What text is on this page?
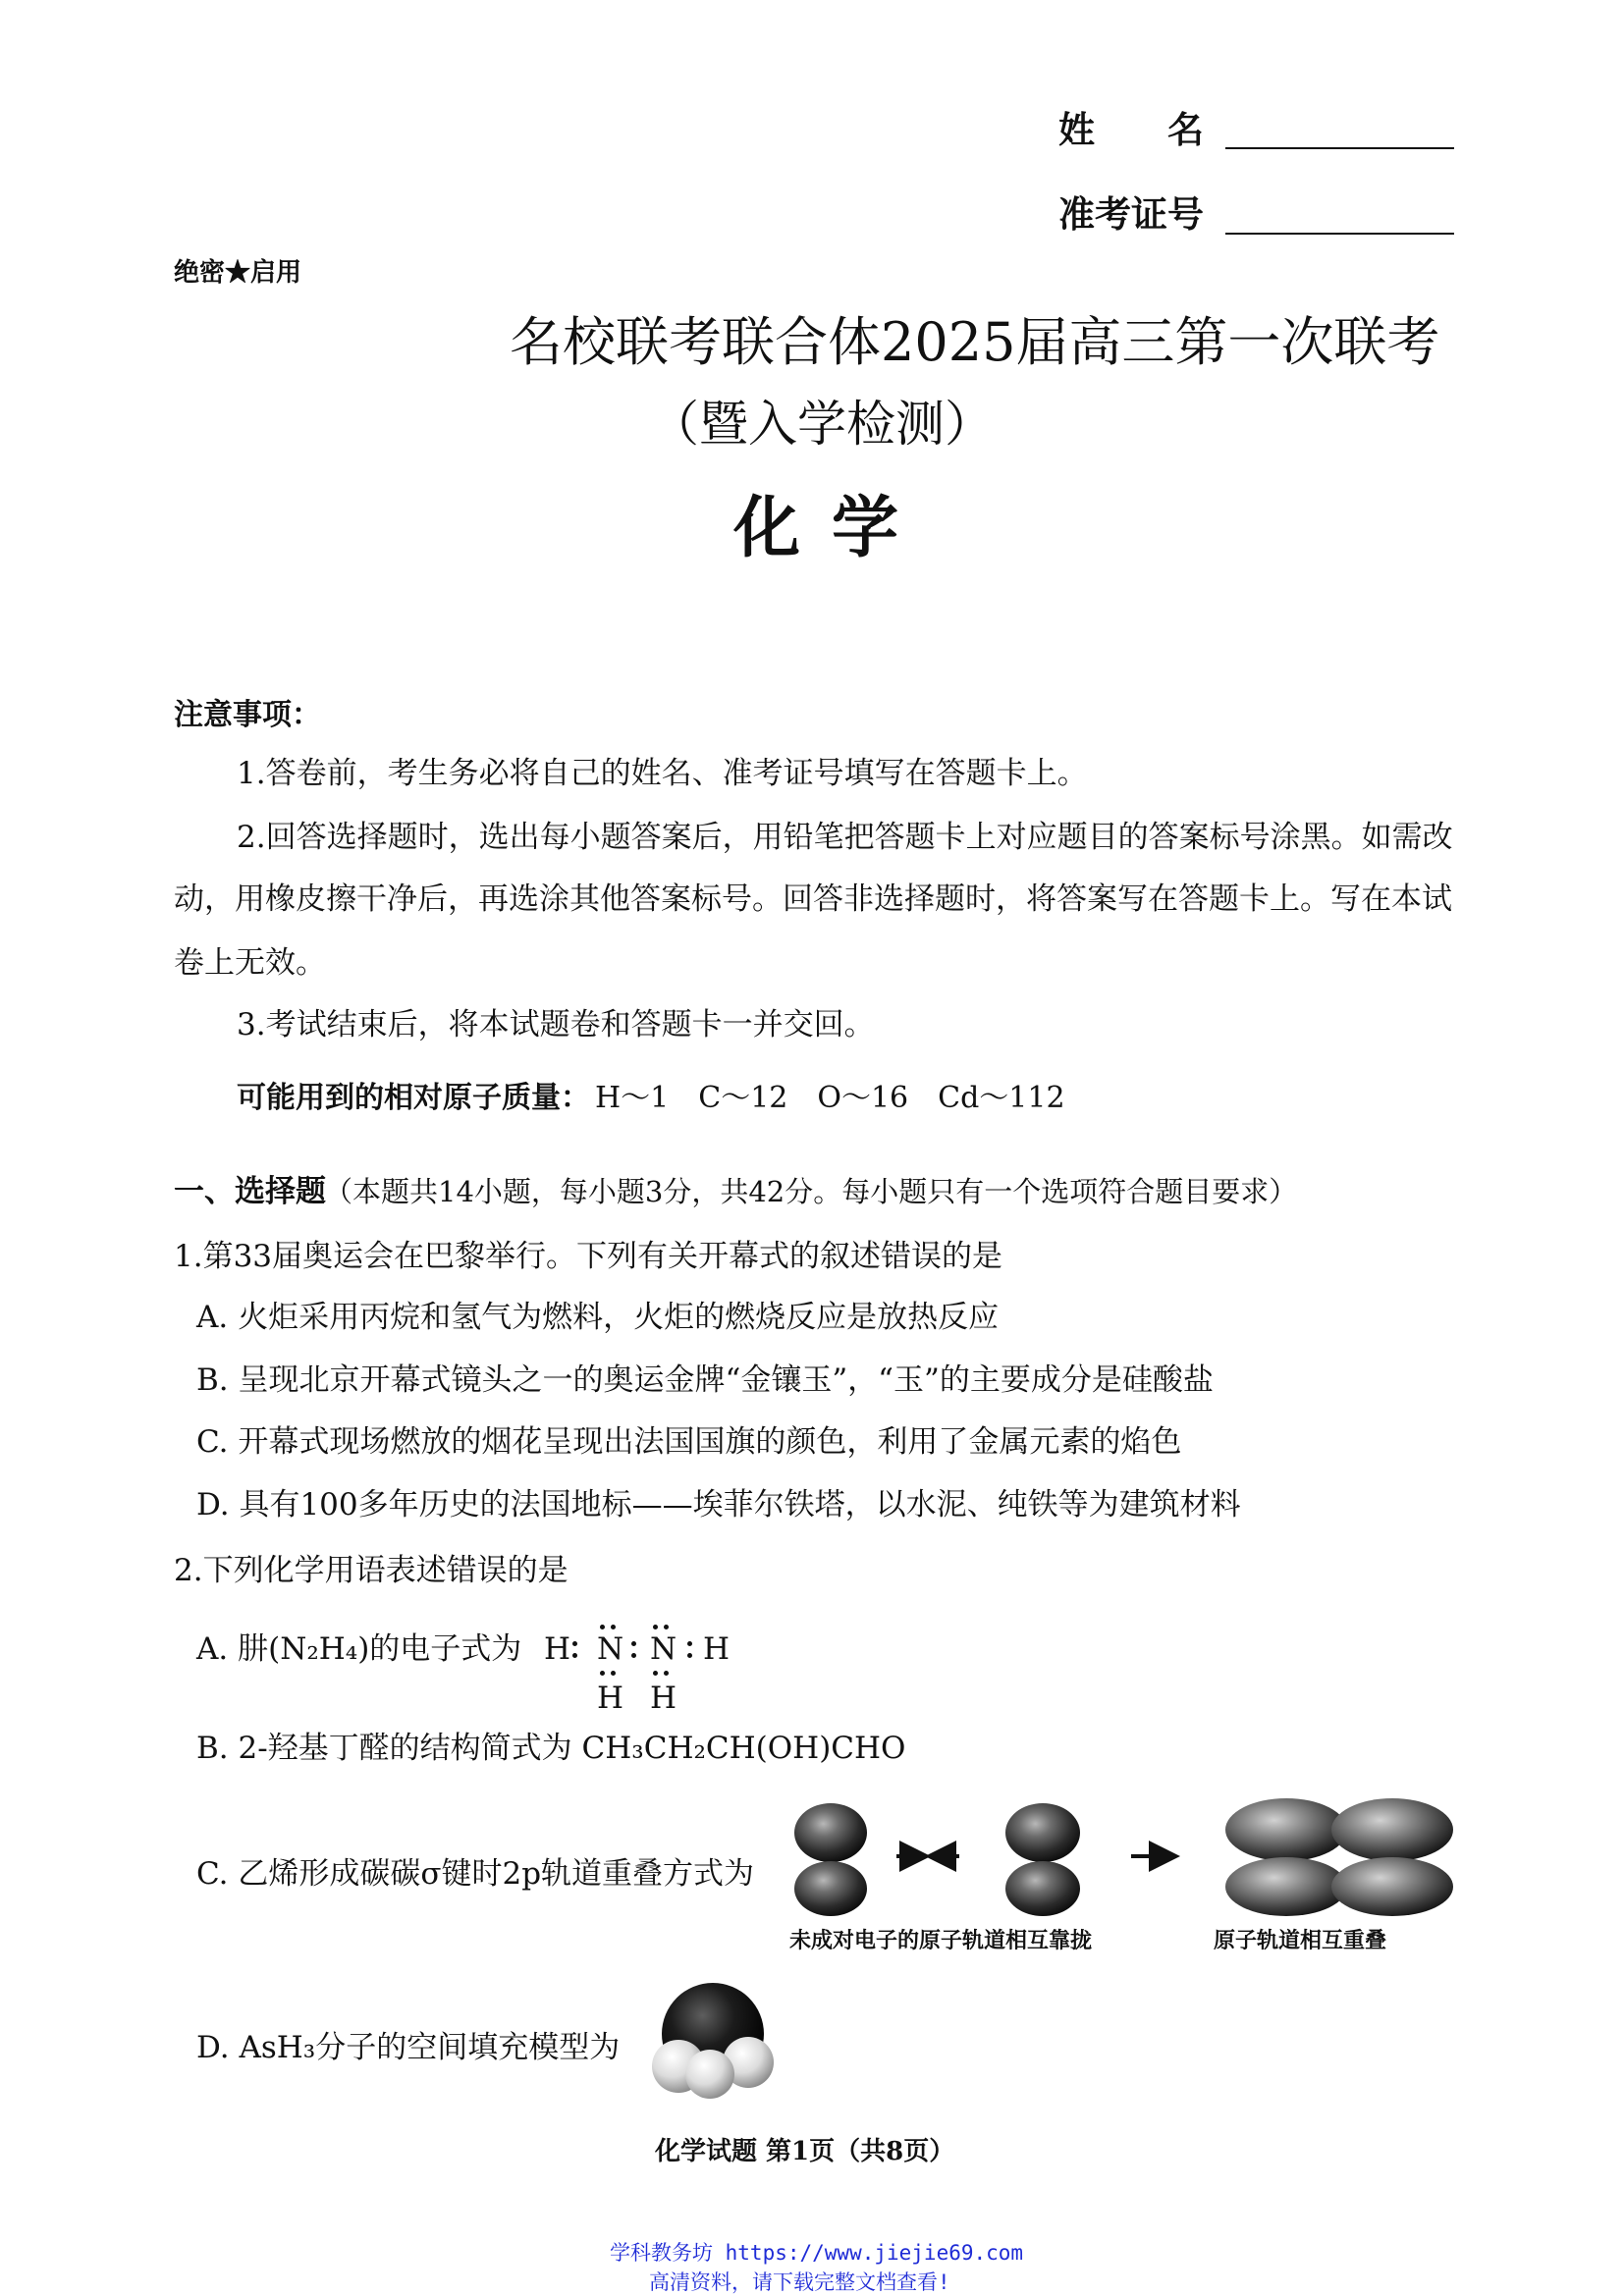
姓　　名
准考证号
绝密★启用
名校联考联合体2025届高三第一次联考
（暨入学检测）
化学
注意事项：
1.答卷前，考生务必将自己的姓名、准考证号填写在答题卡上。
2.回答选择题时，选出每小题答案后，用铅笔把答题卡上对应题目的答案标号涂黑。如需改
动，用橡皮擦干净后，再选涂其他答案标号。回答非选择题时，将答案写在答题卡上。写在本试
卷上无效。
3.考试结束后，将本试题卷和答题卡一并交回。
可能用到的相对原子质量： H～1　C～12　O～16　Cd～112
一、选择题
（本题共14小题，每小题3分，共42分。每小题只有一个选项符合题目要求）
1.第33届奥运会在巴黎举行。下列有关开幕式的叙述错误的是
A. 火炬采用丙烷和氢气为燃料，火炬的燃烧反应是放热反应
B. 呈现北京开幕式镜头之一的奥运金牌“金镶玉”，“玉”的主要成分是硅酸盐
C. 开幕式现场燃放的烟花呈现出法国国旗的颜色，利用了金属元素的焰色
D. 具有100多年历史的法国地标——埃菲尔铁塔，以水泥、纯铁等为建筑材料
2.下列化学用语表述错误的是
A. 肼(N₂H₄)的电子式为 H N N H
H H
B. 2-羟基丁醛的结构简式为 CH₃CH₂CH(OH)CHO
C. 乙烯形成碳碳σ键时2p轨道重叠方式为
未成对电子的原子轨道相互靠拢	原子轨道相互重叠
D. AsH₃分子的空间填充模型为
化学试题 第1页（共8页）
学科教务坊 https://www.jiejie69.com
高清资料，请下载完整文档查看!
